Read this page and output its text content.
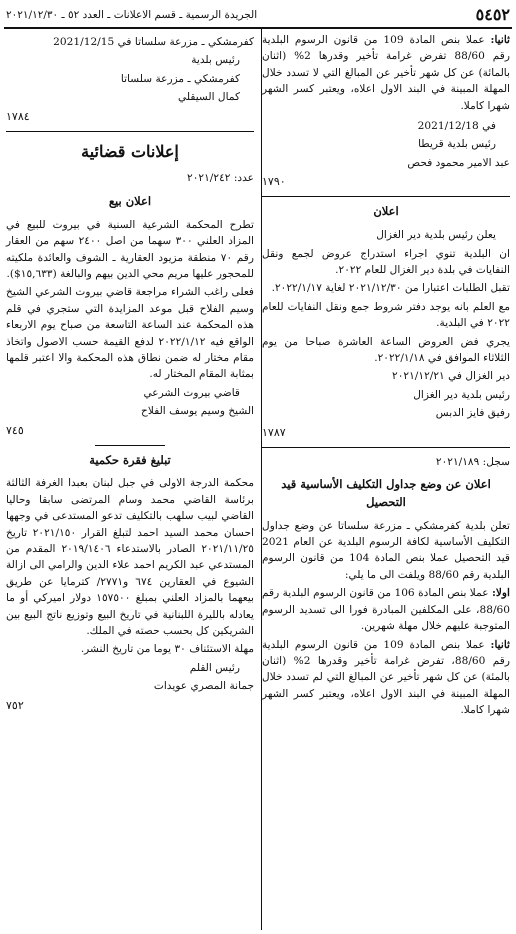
٥٤٥٢
الجريدة الرسمية ـ قسم الاعلانات ـ العدد ٥٢ ـ ٢٠٢١/١٢/٣٠

ثانيا: عملا بنص المادة 109 من قانون الرسوم البلدية رقم 88/60 تفرض غرامة تأخير وقدرها 2% (اثنان بالمائة) عن كل شهر تأخير عن المبالغ التي لا تسدد خلال المهلة المبينة في البند الاول اعلاه، ويعتبر كسر الشهر شهرا كاملا.

في 2021/12/18

رئيس بلدية قريطا

عبد الامير محمود فحص

١٧٩٠

اعلان

يعلن رئيس بلدية دير الغزال

ان البلدية تنوي اجراء استدراج عروض لجمع ونقل النفايات في بلدة دير الغزال للعام ٢٠٢٢.

تقبل الطلبات اعتبارا من ٢٠٢١/١٢/٣٠ لغاية ٢٠٢٢/١/١٧.

مع العلم بانه يوجد دفتر شروط جمع ونقل النفايات للعام ٢٠٢٢ في البلدية.

يجري فض العروض الساعة العاشرة صباحا من يوم الثلاثاء الموافق في ٢٠٢٢/١/١٨.

دير الغزال في ٢٠٢١/١٢/٢١

رئيس بلدية دير الغزال

رفيق فايز الدبس

١٧٨٧

سجل: ٢٠٢١/١٨٩

اعلان عن وضع جداول التكليف الأساسية قيد التحصيل

تعلن بلدية كفرمشكي ـ مزرعة سلساتا عن وضع جداول التكليف الأساسية لكافة الرسوم البلدية عن العام 2021 قيد التحصيل عملا بنص المادة 104 من قانون الرسوم البلدية رقم 88/60 ويلفت الى ما يلي:

اولا: عملا بنص المادة 106 من قانون الرسوم البلدية رقم 88/60، على المكلفين المبادرة فورا الى تسديد الرسوم المتوجبة عليهم خلال مهلة شهرين.

ثانيا: عملا بنص المادة 109 من قانون الرسوم البلدية رقم 88/60، تفرض غرامة تأخير وقدرها 2% (اثنان بالمئة) عن كل شهر تأخير عن المبالغ التي لم تسدد خلال المهلة المبينة في البند الاول اعلاه، ويعتبر كسر الشهر شهرا كاملا.

كفرمشكي ـ مزرعة سلساتا في 2021/12/15

رئيس بلدية

كفرمشكي ـ مزرعة سلساتا

كمال السيقلي

١٧٨٤

إعلانات قضائية

عدد: ٢٠٢١/٢٤٢

اعلان بيع

تطرح المحكمة الشرعية السنية في بيروت للبيع في المزاد العلني ٣٠٠ سهما من اصل ٢٤٠٠ سهم من العقار رقم ٧٠ منطقة مزيود العقارية ـ الشوف والعائدة ملكيته للمحجور عليها مريم محي الدين بيهم والبالغة (١٥,٦٣٣$).

فعلى راغب الشراء مراجعة قاضي بيروت الشرعي الشيخ وسيم الفلاح قبل موعد المزايدة التي ستجري في قلم هذه المحكمة عند الساعة التاسعة من صباح يوم الاربعاء الواقع فيه ٢٠٢٢/١/١٢ لدفع القيمة حسب الاصول واتخاذ مقام مختار له ضمن نطاق هذه المحكمة والا اعتبر قلمها بمثابة المقام المختار له.

قاضي بيروت الشرعي

الشيخ وسيم يوسف الفلاح

٧٤٥

تبليغ فقرة حكمية

محكمة الدرجة الاولى في جبل لبنان بعبدا الغرفة الثالثة برئاسة القاضي محمد وسام المرتضى سابقا وحاليا القاضي لبيب سلهب بالتكليف تدعو المستدعى في وجهها احسان محمد السيد احمد لتبلغ القرار ٢٠٢١/١٥٠ تاريخ ٢٠٢١/١١/٢٥ الصادر بالاستدعاء ٢٠١٩/١٤٠٦ المقدم من المستدعي عبد الكريم احمد علاء الدين والرامي الى ازالة الشيوع في العقارين ٦٧٤ و٢٧٧١/ كترمايا عن طريق بيعهما بالمزاد العلني بمبلغ ١٥٧٥٠٠ دولار اميركي أو ما يعادله بالليرة اللبنانية في تاريخ البيع وتوزيع ناتج البيع بين الشريكين كل بحسب حصته في الملك.

مهلة الاستئناف ٣٠ يوما من تاريخ النشر.

رئيس القلم

جمانة المصري عويدات

٧٥٢
